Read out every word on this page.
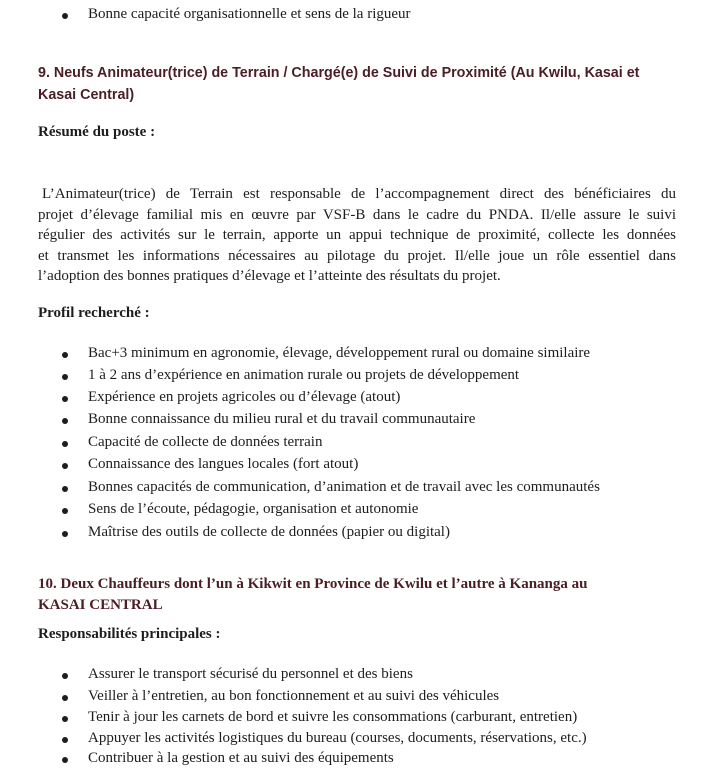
Bonne capacité organisationnelle et sens de la rigueur
9. Neufs Animateur(trice) de Terrain / Chargé(e) de Suivi de Proximité (Au Kwilu, Kasai et
Kasai Central)
Résumé du poste :
L’Animateur(trice) de Terrain est responsable de l’accompagnement direct des bénéficiaires du
projet d’élevage familial mis en œuvre par VSF-B dans le cadre du PNDA. Il/elle assure le suivi
régulier des activités sur le terrain, apporte un appui technique de proximité, collecte les données
et transmet les informations nécessaires au pilotage du projet. Il/elle joue un rôle essentiel dans
l’adoption des bonnes pratiques d’élevage et l’atteinte des résultats du projet.
Profil recherché :
Bac+3 minimum en agronomie, élevage, développement rural ou domaine similaire
1 à 2 ans d’expérience en animation rurale ou projets de développement
Expérience en projets agricoles ou d’élevage (atout)
Bonne connaissance du milieu rural et du travail communautaire
Capacité de collecte de données terrain
Connaissance des langues locales (fort atout)
Bonnes capacités de communication, d’animation et de travail avec les communautés
Sens de l’écoute, pédagogie, organisation et autonomie
Maîtrise des outils de collecte de données (papier ou digital)
10. Deux Chauffeurs dont l’un à Kikwit en Province de Kwilu et l’autre à Kananga au
KASAI CENTRAL
Responsabilités principales :
Assurer le transport sécurisé du personnel et des biens
Veiller à l’entretien, au bon fonctionnement et au suivi des véhicules
Tenir à jour les carnets de bord et suivre les consommations (carburant, entretien)
Appuyer les activités logistiques du bureau (courses, documents, réservations, etc.)
Contribuer à la gestion et au suivi des équipements
